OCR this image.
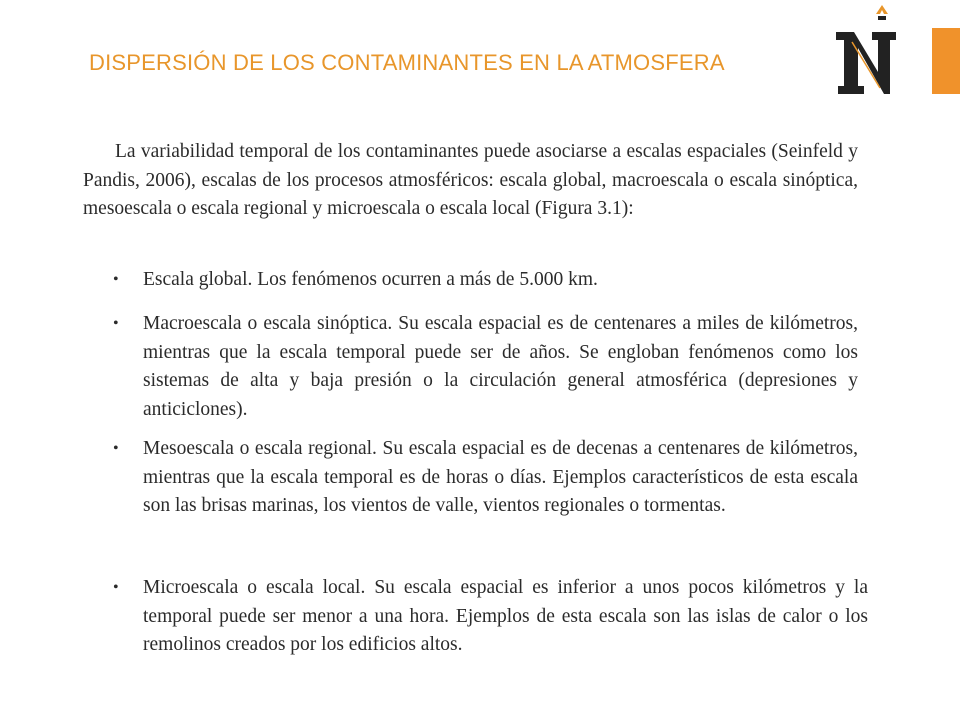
DISPERSIÓN DE LOS CONTAMINANTES EN LA ATMOSFERA

La variabilidad temporal de los contaminantes puede asociarse a escalas espaciales (Seinfeld y Pandis, 2006), escalas de los procesos atmosféricos: escala global, macroescala o escala sinóptica, mesoescala o escala regional y microescala o escala local (Figura 3.1):

•	Escala global. Los fenómenos ocurren a más de 5.000 km.
•	Macroescala o escala sinóptica. Su escala espacial es de centenares a miles de kilómetros, mientras que la escala temporal puede ser de años. Se engloban fenómenos como los sistemas de alta y baja presión o la circulación general atmosférica (depresiones y anticiclones).
•	Mesoescala o escala regional. Su escala espacial es de decenas a centenares de kilómetros, mientras que la escala temporal es de horas o días. Ejemplos característicos de esta escala son las brisas marinas, los vientos de valle, vientos regionales o tormentas.
•	Microescala o escala local. Su escala espacial es inferior a unos pocos kilómetros y la temporal puede ser menor a una hora. Ejemplos de esta escala son las islas de calor o los remolinos creados por los edificios altos.
